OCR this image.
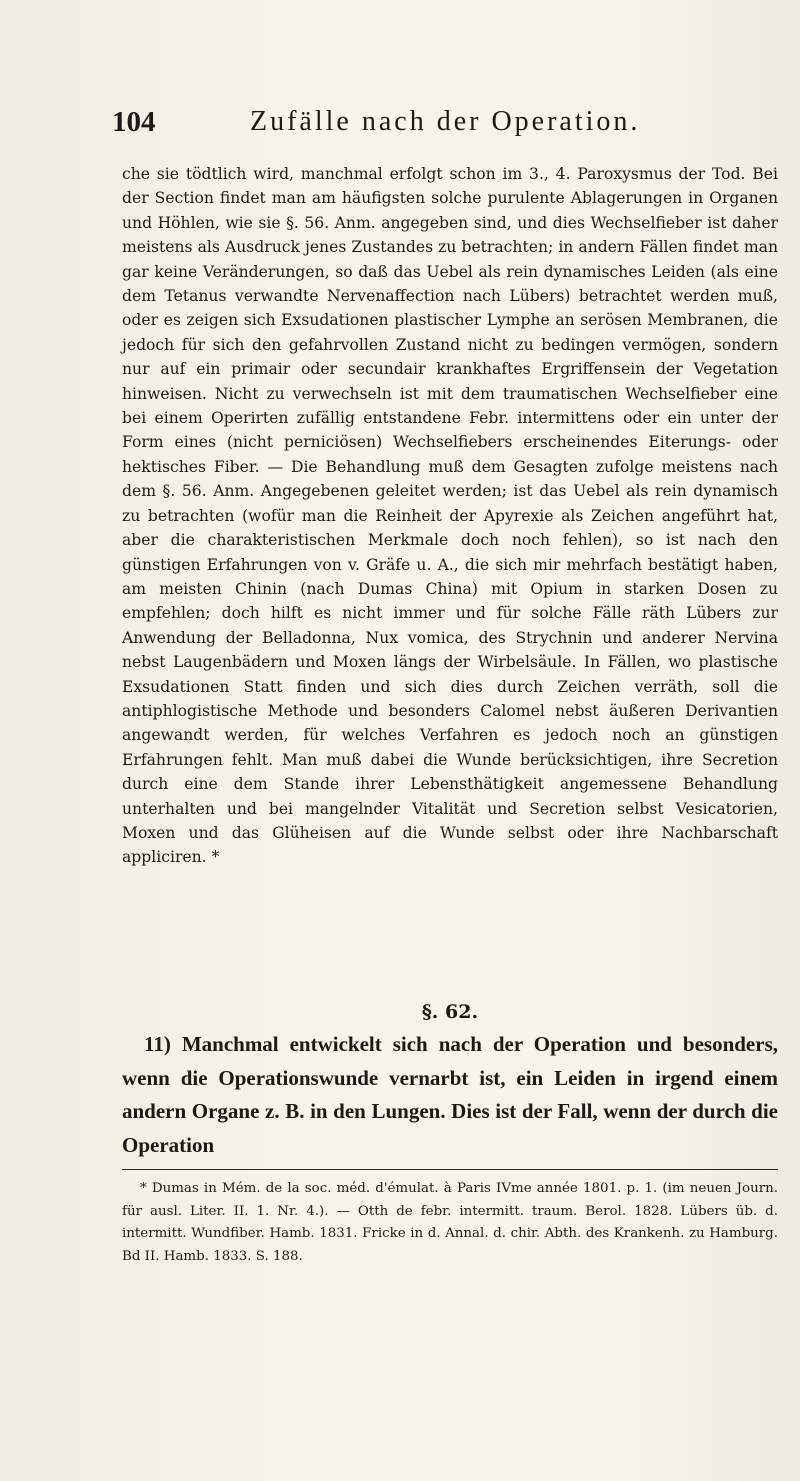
104	Zufälle nach der Operation.

che sie tödtlich wird, manchmal erfolgt schon im 3., 4. Paroxysmus der Tod. Bei der Section findet man am häufigsten solche purulente Ablagerungen in Organen und Höhlen, wie sie §. 56. Anm. angegeben sind, und dies Wechselfieber ist daher meistens als Ausdruck jenes Zustandes zu betrachten; in andern Fällen findet man gar keine Veränderungen, so daß das Uebel als rein dynamisches Leiden (als eine dem Tetanus verwandte Nervenaffection nach Lübers) betrachtet werden muß, oder es zeigen sich Exsudationen plastischer Lymphe an serösen Membranen, die jedoch für sich den gefahrvollen Zustand nicht zu bedingen vermögen, sondern nur auf ein primair oder secundair krankhaftes Ergriffensein der Vegetation hinweisen. Nicht zu verwechseln ist mit dem traumatischen Wechselfieber eine bei einem Operirten zufällig entstandene Febr. intermittens oder ein unter der Form eines (nicht perniciösen) Wechselfiebers erscheinendes Eiterungs- oder hektisches Fiber. — Die Behandlung muß dem Gesagten zufolge meistens nach dem §. 56. Anm. Angegebenen geleitet werden; ist das Uebel als rein dynamisch zu betrachten (wofür man die Reinheit der Apyrexie als Zeichen angeführt hat, aber die charakteristischen Merkmale doch noch fehlen), so ist nach den günstigen Erfahrungen von v. Gräfe u. A., die sich mir mehrfach bestätigt haben, am meisten Chinin (nach Dumas China) mit Opium in starken Dosen zu empfehlen; doch hilft es nicht immer und für solche Fälle räth Lübers zur Anwendung der Belladonna, Nux vomica, des Strychnin und anderer Nervina nebst Laugenbädern und Moxen längs der Wirbelsäule. In Fällen, wo plastische Exsudationen Statt finden und sich dies durch Zeichen verräth, soll die antiphlogistische Methode und besonders Calomel nebst äußeren Derivantien angewandt werden, für welches Verfahren es jedoch noch an günstigen Erfahrungen fehlt. Man muß dabei die Wunde berücksichtigen, ihre Secretion durch eine dem Stande ihrer Lebensthätigkeit angemessene Behandlung unterhalten und bei mangelnder Vitalität und Secretion selbst Vesicatorien, Moxen und das Glüheisen auf die Wunde selbst oder ihre Nachbarschaft appliciren. *

§. 62.
11) Manchmal entwickelt sich nach der Operation und besonders, wenn die Operationswunde vernarbt ist, ein Leiden in irgend einem andern Organe z. B. in den Lungen. Dies ist der Fall, wenn der durch die Operation
* Dumas in Mém. de la soc. méd. d'émulat. à Paris IVme année 1801. p. 1. (im neuen Journ. für ausl. Liter. II. 1. Nr. 4.). — Otth de febr. intermitt. traum. Berol. 1828. Lübers üb. d. intermitt. Wundfiber. Hamb. 1831. Fricke in d. Annal. d. chir. Abth. des Krankenh. zu Hamburg. Bd II. Hamb. 1833. S. 188.
